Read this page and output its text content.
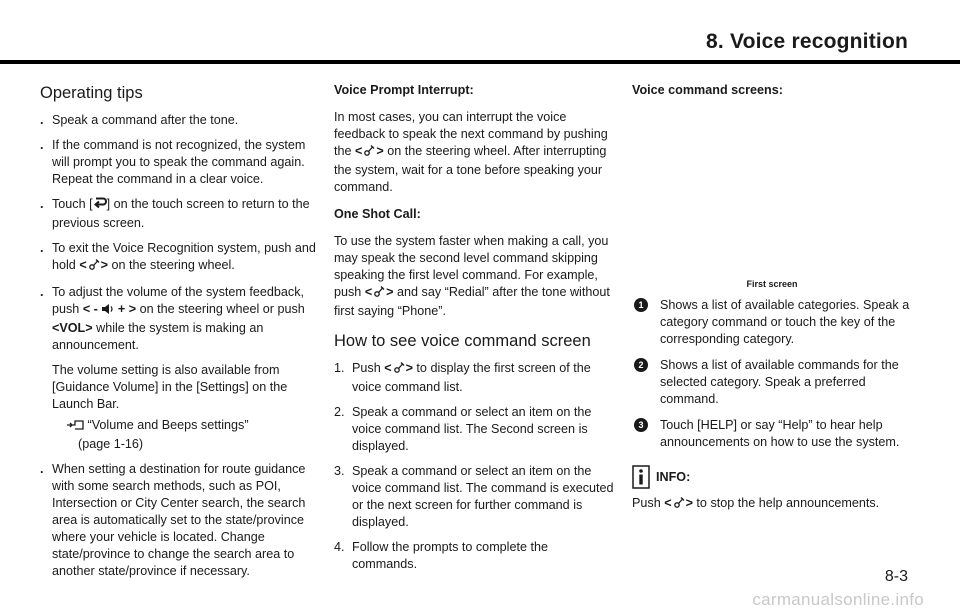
8. Voice recognition
Operating tips
. Speak a command after the tone.
. If the command is not recognized, the system will prompt you to speak the command again. Repeat the command in a clear voice.
. Touch [ ] on the touch screen to return to the previous screen.
. To exit the Voice Recognition system, push and hold < > on the steering wheel.
. To adjust the volume of the system feedback, push < -  + > on the steering wheel or push <VOL> while the system is making an announcement.
The volume setting is also available from [Guidance Volume] in the [Settings] on the Launch Bar.
“Volume and Beeps settings”
(page 1-16)
. When setting a destination for route guidance with some search methods, such as POI, Intersection or City Center search, the search area is automatically set to the state/province where your vehicle is located. Change state/province to change the search area to another state/province if necessary.
Voice Prompt Interrupt:

In most cases, you can interrupt the voice feedback to speak the next command by pushing the < > on the steering wheel. After interrupting the system, wait for a tone before speaking your command.

One Shot Call:

To use the system faster when making a call, you may speak the second level command skipping speaking the first level command. For example, push < > and say “Redial” after the tone without first saying “Phone”.

How to see voice command screen
1. Push < > to display the first screen of the voice command list.
2. Speak a command or select an item on the voice command list. The Second screen is displayed.
3. Speak a command or select an item on the voice command list. The command is executed or the next screen for further command is displayed.
4. Follow the prompts to complete the commands.
Voice command screens:
First screen
1	Shows a list of available categories. Speak a category command or touch the key of the corresponding category.
2	Shows a list of available commands for the selected category. Speak a preferred command.
3	Touch [HELP] or say “Help” to hear help announcements on how to use the system.
INFO:

Push < > to stop the help announcements.

8-3
carmanualsonline.info
